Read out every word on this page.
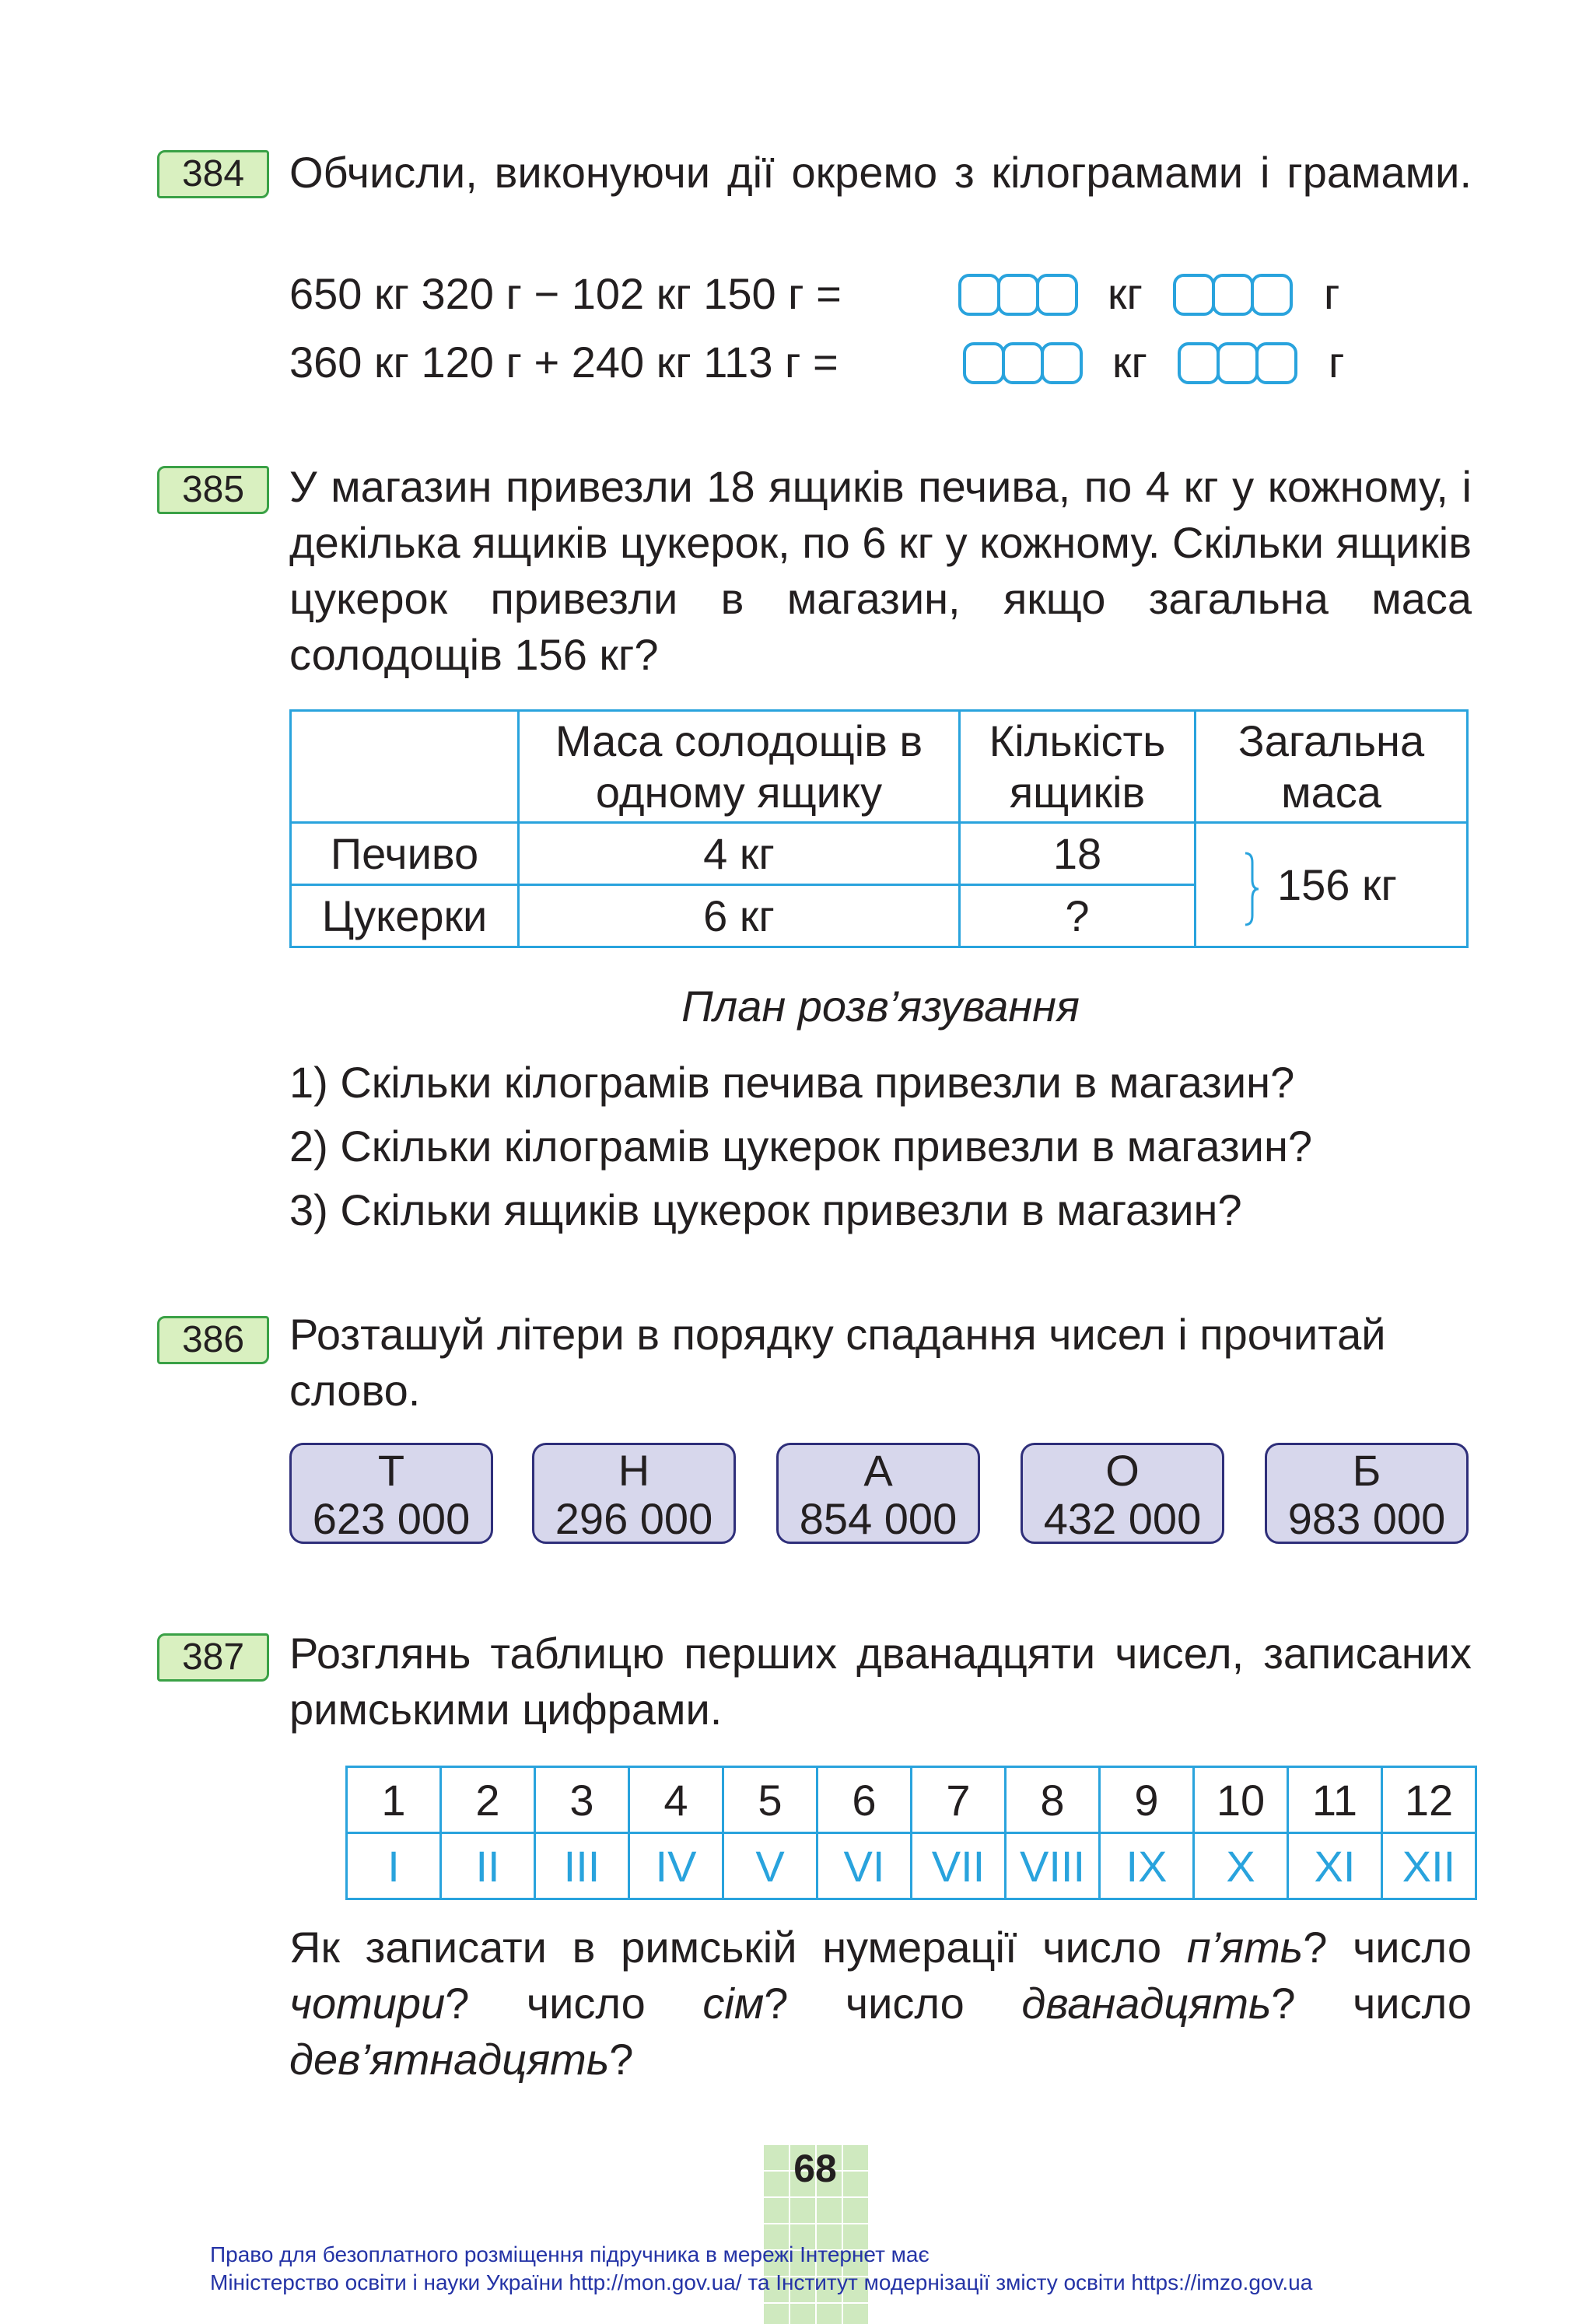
384	Обчисли, виконуючи дії окремо з кілограмами і грамами.
650 кг 320 г − 102 кг 150 г =	кг	г
360 кг 120 г + 240 кг 113 г =	кг	г
385	У магазин привезли 18 ящиків печива, по 4 кг у кожному, і декілька ящиків цукерок, по 6 кг у кожному. Скільки ящиків цукерок привезли в магазин, якщо загальна маса солодощів 156 кг?
	Маса солодощів в одному ящику	Кількість ящиків	Загальна маса
Печиво	4 кг	18	156 кг
Цукерки	6 кг	?	
План розв’язування
1) Скільки кілограмів печива привезли в магазин?
2) Скільки кілограмів цукерок привезли в магазин?
3) Скільки ящиків цукерок привезли в магазин?
386	Розташуй літери в порядку спадання чисел і прочитай слово.
Т
623 000
Н
296 000
А
854 000
О
432 000
Б
983 000
387	Розглянь таблицю перших дванадцяти чисел, записаних римськими цифрами.
1	2	3	4	5	6	7	8	9	10	11	12
I	II	III	IV	V	VI	VII	VIII	IX	X	XI	XII
Як записати в римській нумерації число п’ять? число чотири? число сім? число дванадцять? число дев’ятнадцять?
68
Право для безоплатного розміщення підручника в мережі Інтернет має
Міністерство освіти і науки України http://mon.gov.ua/ та Інститут модернізації змісту освіти https://imzo.gov.ua
